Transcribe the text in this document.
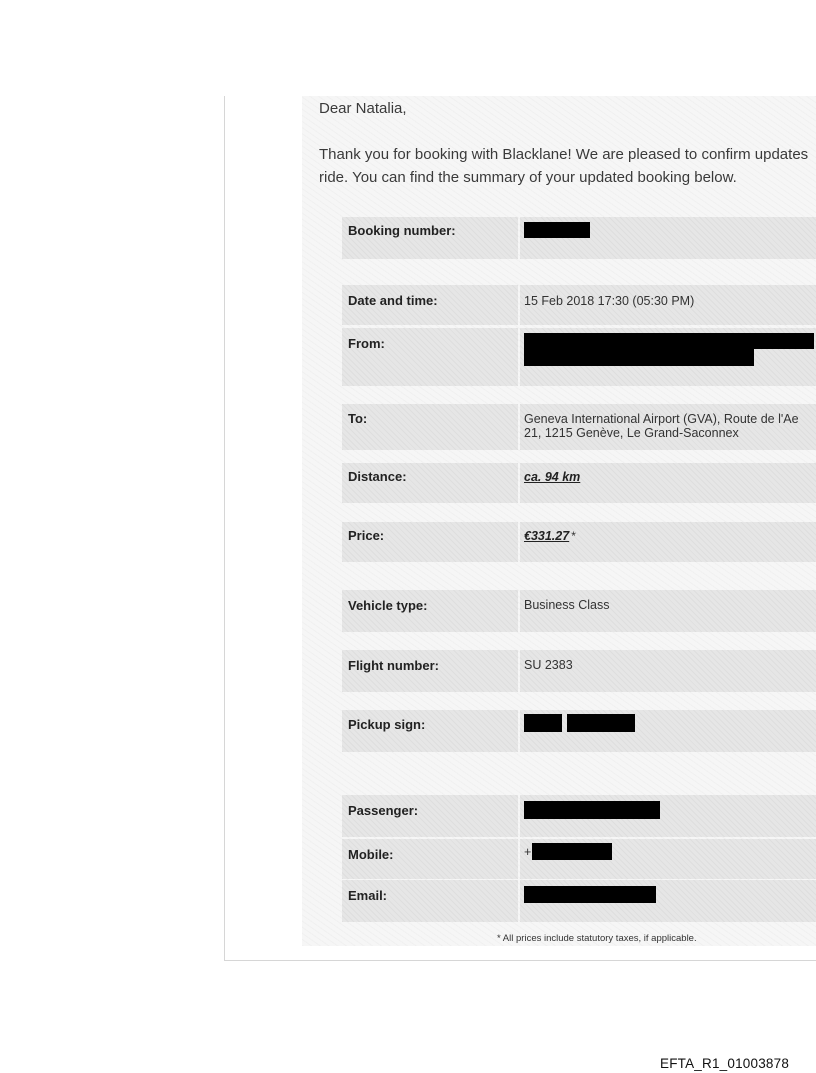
Dear Natalia,
Thank you for booking with Blacklane! We are pleased to confirm updates
ride. You can find the summary of your updated booking below.
Booking number:
Date and time:	15 Feb 2018 17:30 (05:30 PM)
From:
To:	Geneva International Airport (GVA), Route de l'Ae
21, 1215 Genève, Le Grand-Saconnex
Distance:	ca. 94 km
Price:	€331.27 *
Vehicle type:	Business Class
Flight number:	SU 2383
Pickup sign:
Passenger:
Mobile:	+
Email:
* All prices include statutory taxes, if applicable.
EFTA_R1_01003878
